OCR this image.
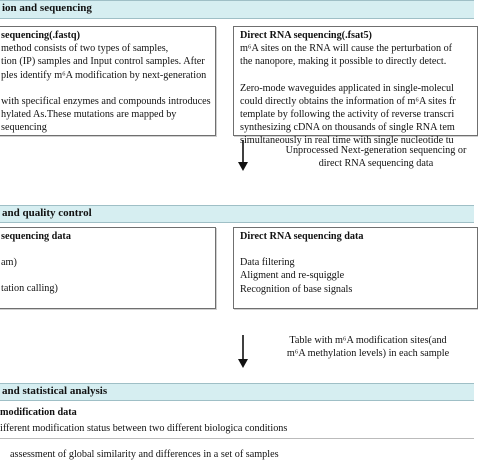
ion and sequencing
sequencing(.fastq)
method consists of two types of samples,
tion (IP) samples and Input control samples. After
ples identify m⁶A modification by next-generation
with specifical enzymes and compounds introduces
hylated As.These mutations are mapped by
sequencing
Direct RNA sequencing(.fsat5)
m⁶A sites on the RNA will cause the perturbation of
the nanopore, making it possible to directly detect.
Zero-mode waveguides applicated in single-molecul
could directly obtains the information of m⁶A sites fr
template by following the activity of reverse transcri
synthesizing cDNA on thousands of single RNA tem
simultaneously in real time with single nucleotide tu
Unprocessed Next-generation sequencing or
direct RNA sequencing data
and quality control
sequencing data
am)
tation calling)
Direct RNA sequencing data
Data filtering
Aligment and re-squiggle
Recognition of base signals
Table with m⁶A modification sites(and
m⁶A methylation levels) in each sample
and statistical analysis
modification data
ifferent modification status between two different biologica conditions
assessment of global similarity and differences in a set of samples
